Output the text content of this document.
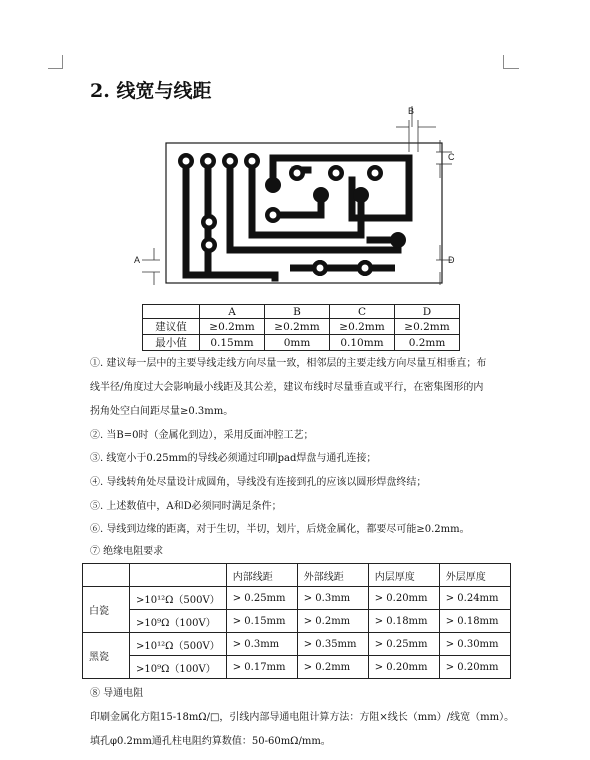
2. 线宽与线距
B
C
D
A
	A	B	C	D
建议值	≥0.2mm	≥0.2mm	≥0.2mm	≥0.2mm
最小值	0.15mm	0mm	0.10mm	0.2mm
①. 建议每一层中的主要导线走线方向尽量一致，相邻层的主要走线方向尽量互相垂直；布
线半径/角度过大会影响最小线距及其公差，建议布线时尽量垂直或平行，在密集图形的内
拐角处空白间距尽量≥0.3mm。
②. 当B=0时（金属化到边），采用反面冲腔工艺；
③. 线宽小于0.25mm的导线必须通过印刷pad焊盘与通孔连接；
④. 导线转角处尽量设计成圆角，导线没有连接到孔的应该以圆形焊盘终结；
⑤. 上述数值中，A和D必须同时满足条件；
⑥. 导线到边缘的距离，对于生切，半切，划片，后烧金属化，都要尽可能≥0.2mm。
⑦ 绝缘电阻要求
		内部线距	外部线距	内层厚度	外层厚度
白瓷	>10¹²Ω（500V）	> 0.25mm	> 0.3mm	> 0.20mm	> 0.24mm
	>10⁹Ω（100V）	> 0.15mm	> 0.2mm	> 0.18mm	> 0.18mm
黑瓷	>10¹²Ω（500V）	> 0.3mm	> 0.35mm	> 0.25mm	> 0.30mm
	>10⁹Ω（100V）	> 0.17mm	> 0.2mm	> 0.20mm	> 0.20mm
⑧ 导通电阻
印刷金属化方阻15-18mΩ/□，引线内部导通电阻计算方法：方阻×线长（mm）/线宽（mm）。
填孔φ0.2mm通孔柱电阻约算数值：50-60mΩ/mm。
